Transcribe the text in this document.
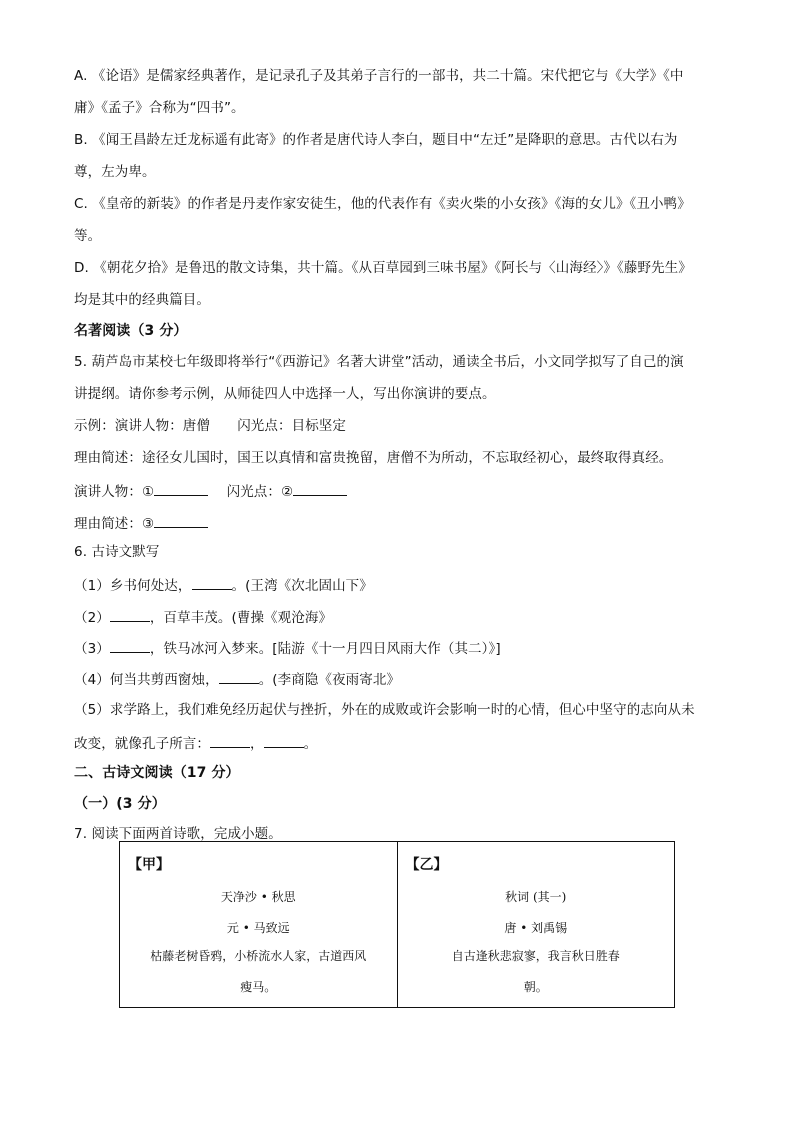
A. 《论语》是儒家经典著作，是记录孔子及其弟子言行的一部书，共二十篇。宋代把它与《大学》《中
庸》《孟子》合称为“四书”。
B. 《闻王昌龄左迁龙标遥有此寄》的作者是唐代诗人李白，题目中“左迁”是降职的意思。古代以右为
尊，左为卑。
C. 《皇帝的新装》的作者是丹麦作家安徒生，他的代表作有《卖火柴的小女孩》《海的女儿》《丑小鸭》
等。
D. 《朝花夕拾》是鲁迅的散文诗集，共十篇。《从百草园到三味书屋》《阿长与〈山海经〉》《藤野先生》
均是其中的经典篇目。
名著阅读（3 分）
5. 葫芦岛市某校七年级即将举行“《西游记》名著大讲堂”活动，通读全书后，小文同学拟写了自己的演
讲提纲。请你参考示例，从师徒四人中选择一人，写出你演讲的要点。
示例：演讲人物：唐僧　　闪光点：目标坚定
理由简述：途径女儿国时，国王以真情和富贵挽留，唐僧不为所动，不忘取经初心，最终取得真经。
演讲人物：①	闪光点：②
理由简述：③
6. 古诗文默写
（1）乡书何处达，	。(王湾《次北固山下》
（2）	，百草丰茂。(曹操《观沧海》
（3）	，铁马冰河入梦来。[陆游《十一月四日风雨大作（其二）》]
（4）何当共剪西窗烛，	。(李商隐《夜雨寄北》
（5）求学路上，我们难免经历起伏与挫折，外在的成败或许会影响一时的心情，但心中坚守的志向从未
改变，就像孔子所言：	，	。
二、古诗文阅读（17 分）
（一）(3 分）
7. 阅读下面两首诗歌，完成小题。
【甲】
天净沙 • 秋思
元 • 马致远
枯藤老树昏鸦，小桥流水人家，古道西风
瘦马。

【乙】
秋词 (其一)
唐 • 刘禹锡
自古逢秋悲寂寥，我言秋日胜春
朝。
